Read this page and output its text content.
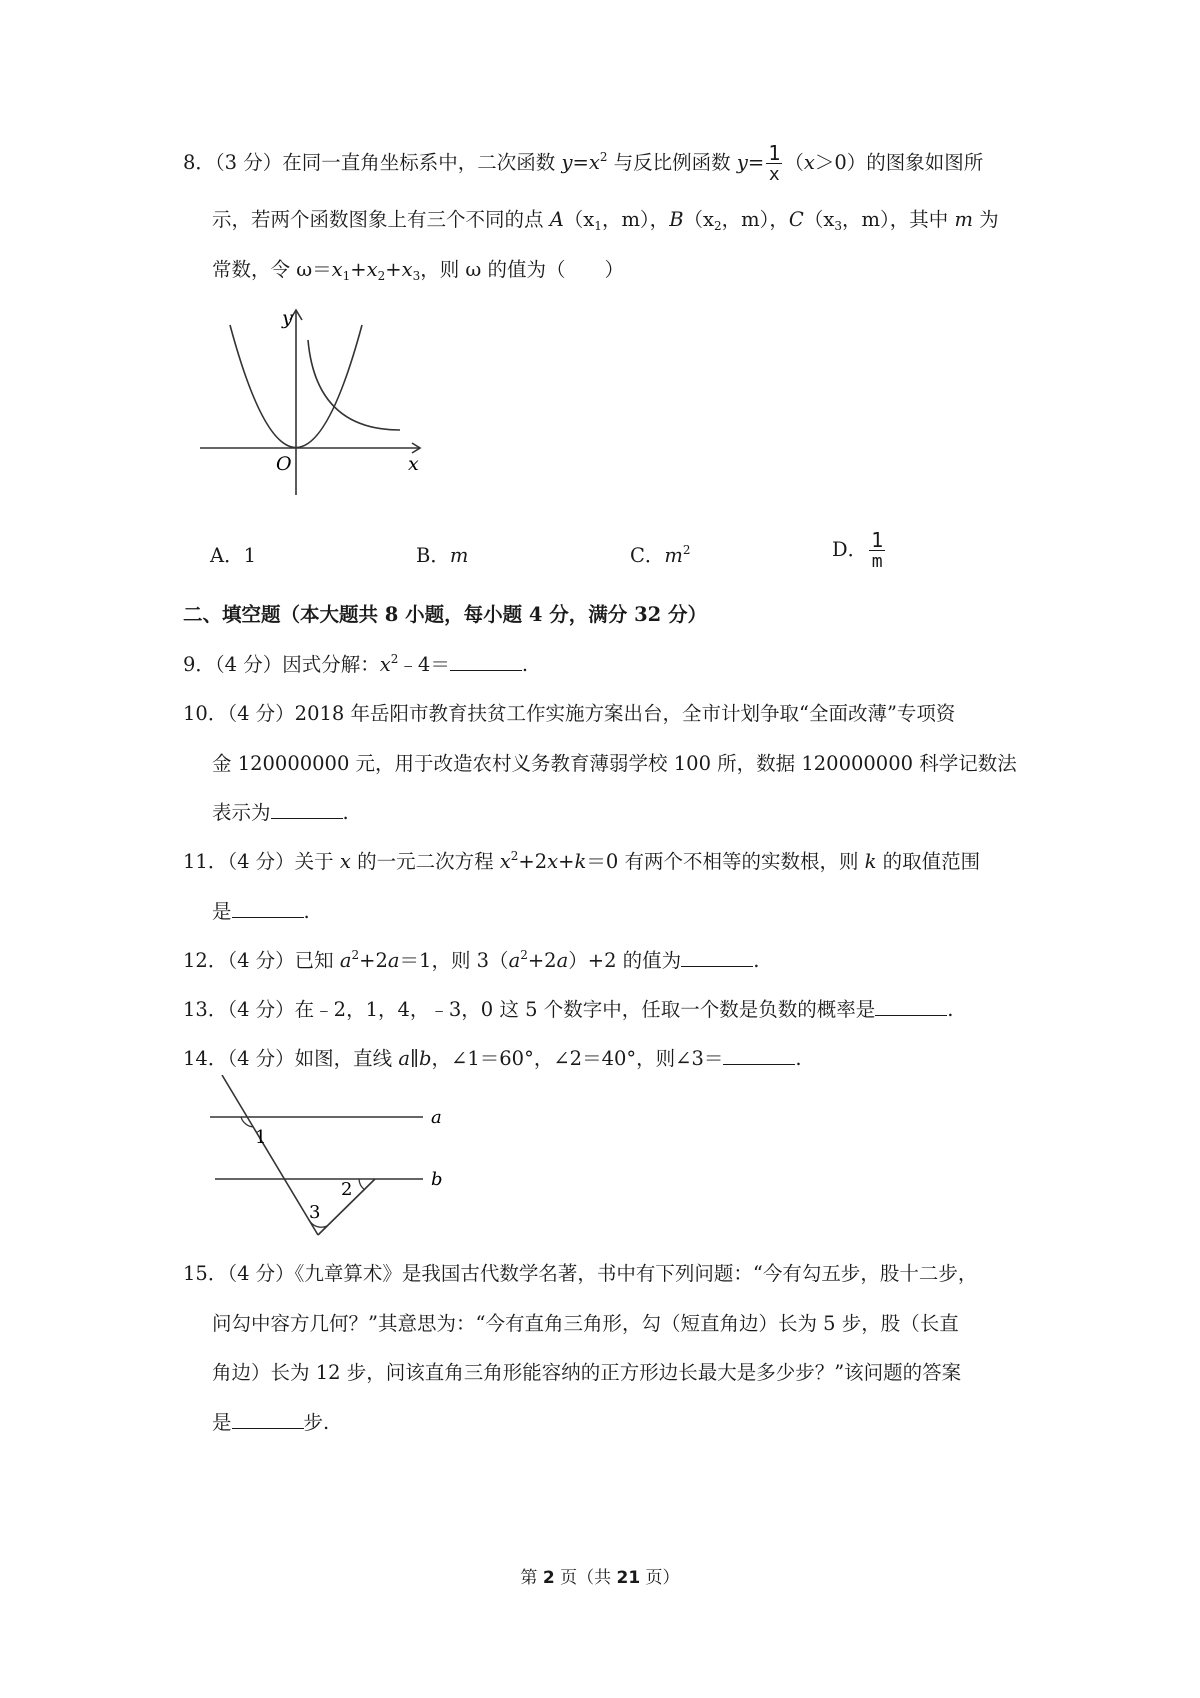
8．（3 分）在同一直角坐标系中，二次函数 $y=x^2$ 与反比例函数 $y= \frac{1}{x} (x>0)$的图象如图所
示，若两个函数图象上有三个不同的点 $A(x_1$，m），$B(x_2$，m），$C(x_3$，m），其中 m 为
常数，令 $\omega=x_1+x_2+x_3$，则 ω 的值为（　　）
y
x
O
A．1	B．m	C．$m^2$	D． $\frac{1}{m}$
二、填空题（本大题共 8 小题，每小题 4 分，满分 32 分）
9．（4 分）因式分解：$x^2﹣4=$	.
10．（4 分）2018 年岳阳市教育扶贫工作实施方案出台，全市计划争取“全面改薄”专项资
金 120000000 元，用于改造农村义务教育薄弱学校 100 所，数据 120000000 科学记数法
表示为	.
11．（4 分）关于 x 的一元二次方程 $x^2+2x+k=0$ 有两个不相等的实数根，则 k 的取值范围
是	.
12．（4 分）已知 $a^2+2a=1$，则 $3(a^2+2a)+2$ 的值为	.
13．（4 分）在﹣2，1，4，﹣3，0 这 5 个数字中，任取一个数是负数的概率是	.
14．（4 分）如图，直线 a∥b，∠1＝60°，∠2＝40°，则∠3＝	.
a
b
1
2
3
15．（4 分）《九章算术》是我国古代数学名著，书中有下列问题：“今有勾五步，股十二步，
问勾中容方几何？”其意思为：“今有直角三角形，勾（短直角边）长为 5 步，股（长直
角边）长为 12 步，问该直角三角形能容纳的正方形边长最大是多少步？”该问题的答案
是	步.
第 2 页（共 21 页）
